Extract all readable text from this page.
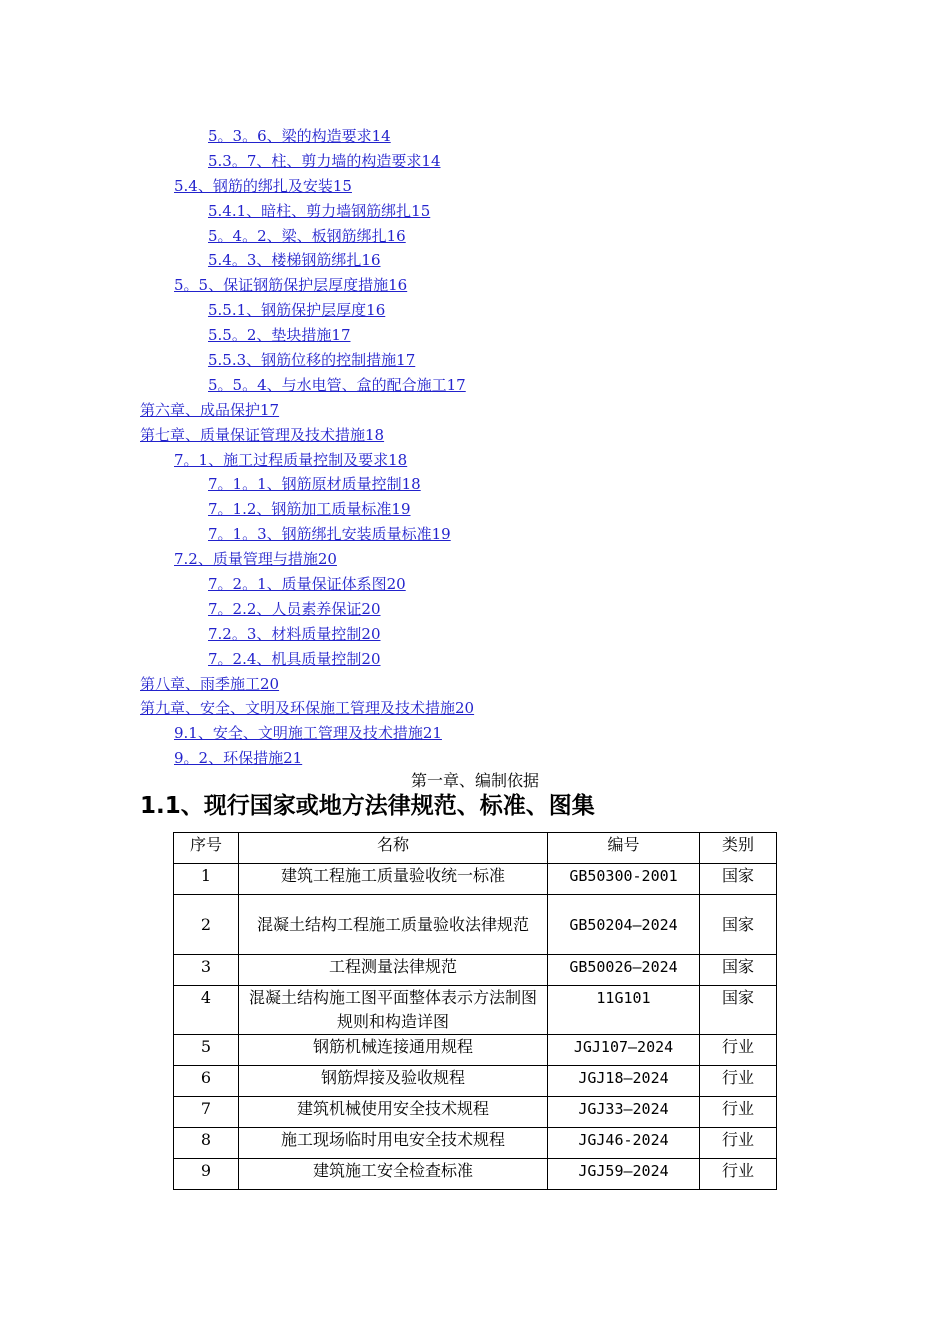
5。3。6、梁的构造要求14
5.3。7、柱、剪力墙的构造要求14
5.4、钢筋的绑扎及安装15
5.4.1、暗柱、剪力墙钢筋绑扎15
5。4。2、梁、板钢筋绑扎16
5.4。3、楼梯钢筋绑扎16
5。5、保证钢筋保护层厚度措施16
5.5.1、钢筋保护层厚度16
5.5。2、垫块措施17
5.5.3、钢筋位移的控制措施17
5。5。4、与水电管、盒的配合施工17
第六章、成品保护17
第七章、质量保证管理及技术措施18
7。1、施工过程质量控制及要求18
7。1。1、钢筋原材质量控制18
7。1.2、钢筋加工质量标准19
7。1。3、钢筋绑扎安装质量标准19
7.2、质量管理与措施20
7。2。1、质量保证体系图20
7。2.2、人员素养保证20
7.2。3、材料质量控制20
7。2.4、机具质量控制20
第八章、雨季施工20
第九章、安全、文明及环保施工管理及技术措施20
9.1、安全、文明施工管理及技术措施21
9。2、环保措施21
第一章、编制依据
1.1、现行国家或地方法律规范、标准、图集
序号	名称	编号	类别
1	建筑工程施工质量验收统一标准	GB50300-2001	国家
2	混凝土结构工程施工质量验收法律规范	GB50204—2024	国家
3	工程测量法律规范	GB50026—2024	国家
4	混凝土结构施工图平面整体表示方法制图规则和构造详图	11G101	国家
5	钢筋机械连接通用规程	JGJ107—2024	行业
6	钢筋焊接及验收规程	JGJ18—2024	行业
7	建筑机械使用安全技术规程	JGJ33—2024	行业
8	施工现场临时用电安全技术规程	JGJ46-2024	行业
9	建筑施工安全检查标准	JGJ59—2024	行业
